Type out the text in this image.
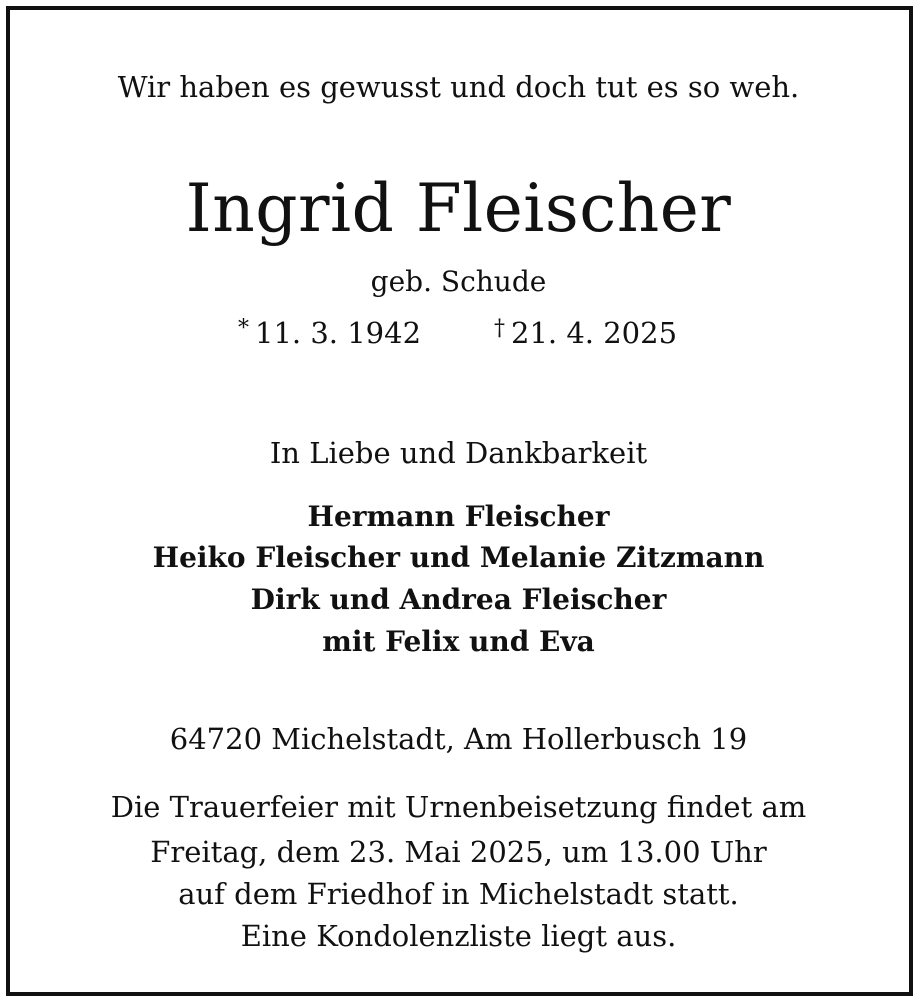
Wir haben es gewusst und doch tut es so weh.
Ingrid Fleischer
geb. Schude
* 11. 3. 1942	† 21. 4. 2025
In Liebe und Dankbarkeit
Hermann Fleischer
Heiko Fleischer und Melanie Zitzmann
Dirk und Andrea Fleischer
mit Felix und Eva
64720 Michelstadt, Am Hollerbusch 19
Die Trauerfeier mit Urnenbeisetzung findet am
Freitag, dem 23. Mai 2025, um 13.00 Uhr
auf dem Friedhof in Michelstadt statt.
Eine Kondolenzliste liegt aus.
